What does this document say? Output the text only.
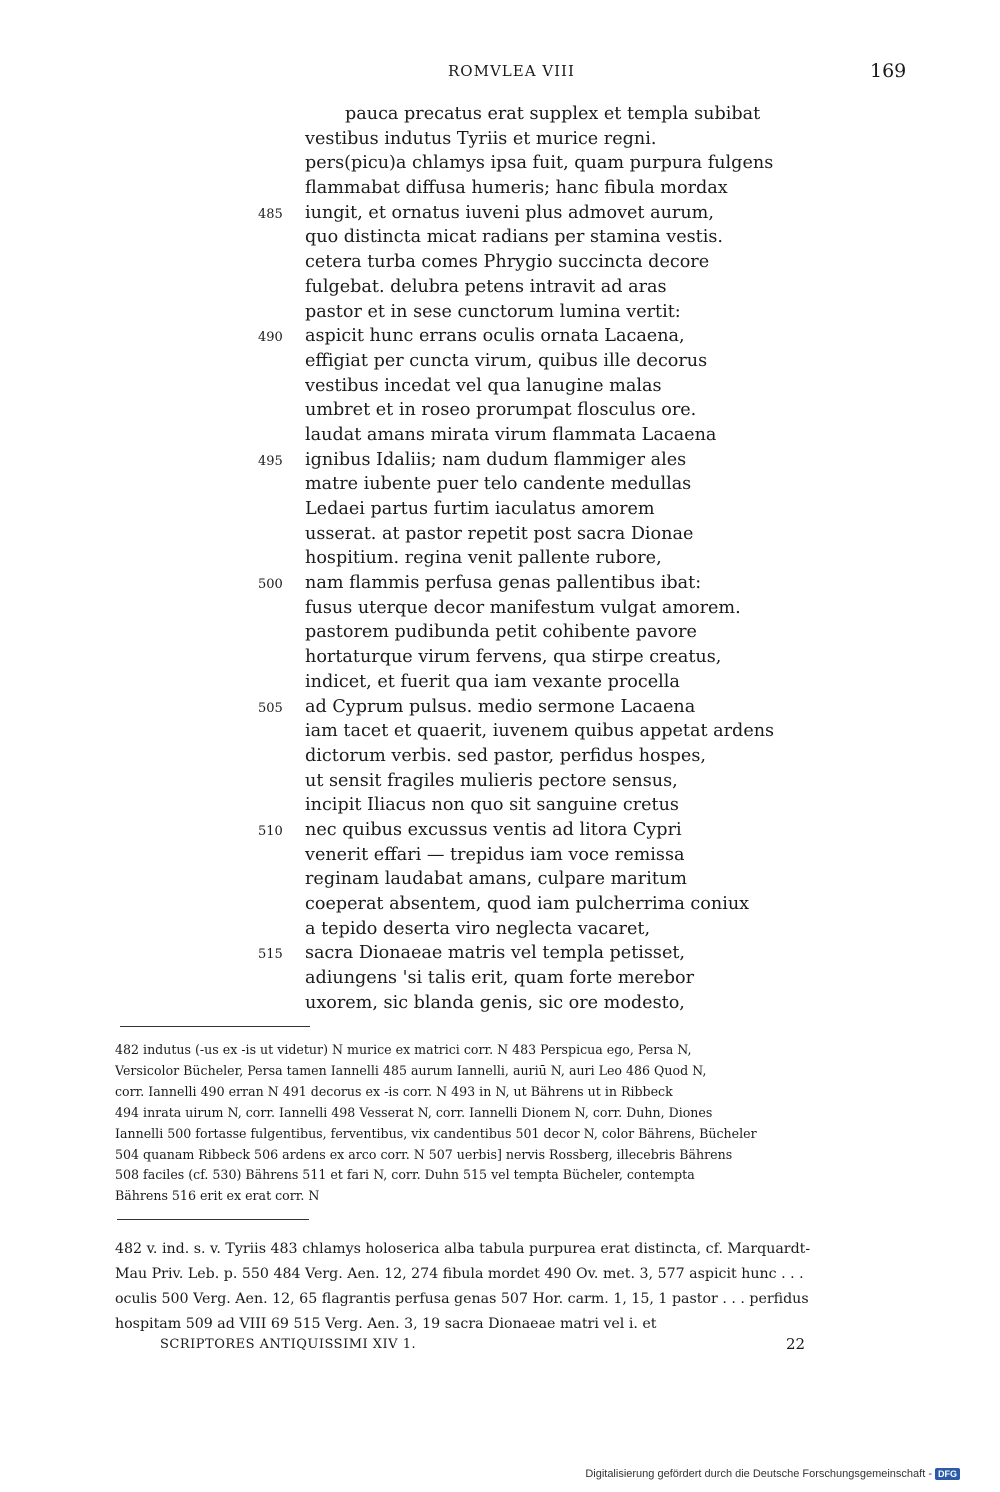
ROMVLEA VIII	169
pauca precatus erat supplex et templa subibat
vestibus indutus Tyriis et murice regni.
pers(picu)a chlamys ipsa fuit, quam purpura fulgens
flammabat diffusa humeris; hanc fibula mordax
485	iungit, et ornatus iuveni plus admovet aurum,
quo distincta micat radians per stamina vestis.
cetera turba comes Phrygio succincta decore
fulgebat. delubra petens intravit ad aras
pastor et in sese cunctorum lumina vertit:
490	aspicit hunc errans oculis ornata Lacaena,
effigiat per cuncta virum, quibus ille decorus
vestibus incedat vel qua lanugine malas
umbret et in roseo prorumpat flosculus ore.
laudat amans mirata virum flammata Lacaena
495	ignibus Idaliis; nam dudum flammiger ales
matre iubente puer telo candente medullas
Ledaei partus furtim iaculatus amorem
usserat. at pastor repetit post sacra Dionae
hospitium. regina venit pallente rubore,
500	nam flammis perfusa genas pallentibus ibat:
fusus uterque decor manifestum vulgat amorem.
pastorem pudibunda petit cohibente pavore
hortaturque virum fervens, qua stirpe creatus,
indicet, et fuerit qua iam vexante procella
505	ad Cyprum pulsus. medio sermone Lacaena
iam tacet et quaerit, iuvenem quibus appetat ardens
dictorum verbis. sed pastor, perfidus hospes,
ut sensit fragiles mulieris pectore sensus,
incipit Iliacus non quo sit sanguine cretus
510	nec quibus excussus ventis ad litora Cypri
venerit effari — trepidus iam voce remissa
reginam laudabat amans, culpare maritum
coeperat absentem, quod iam pulcherrima coniux
a tepido deserta viro neglecta vacaret,
515	sacra Dionaeae matris vel templa petisset,
adiungens 'si talis erit, quam forte merebor
uxorem, sic blanda genis, sic ore modesto,
482 indutus (-us ex -is ut videtur) N murice ex matrici corr. N 483 Perspicua ego, Persa N,
Versicolor Bücheler, Persa tamen Iannelli 485 aurum Iannelli, auriū N, auri Leo 486 Quod N,
corr. Iannelli 490 erran N 491 decorus ex -is corr. N 493 in N, ut Bährens ut in Ribbeck
494 inrata uirum N, corr. Iannelli 498 Vesserat N, corr. Iannelli Dionem N, corr. Duhn, Diones
Iannelli 500 fortasse fulgentibus, ferventibus, vix candentibus 501 decor N, color Bährens, Bücheler
504 quanam Ribbeck 506 ardens ex arco corr. N 507 uerbis] nervis Rossberg, illecebris Bährens
508 faciles (cf. 530) Bährens 511 et fari N, corr. Duhn 515 vel tempta Bücheler, contempta
Bährens 516 erit ex erat corr. N
482 v. ind. s. v. Tyriis 483 chlamys holoserica alba tabula purpurea erat distincta, cf. Marquardt-
Mau Priv. Leb. p. 550 484 Verg. Aen. 12, 274 fibula mordet 490 Ov. met. 3, 577 aspicit hunc . . .
oculis 500 Verg. Aen. 12, 65 flagrantis perfusa genas 507 Hor. carm. 1, 15, 1 pastor . . . perfidus
hospitam 509 ad VIII 69 515 Verg. Aen. 3, 19 sacra Dionaeae matri vel i. et
SCRIPTORES ANTIQUISSIMI XIV 1.	22
Digitalisierung gefördert durch die Deutsche Forschungsgemeinschaft - DFG
